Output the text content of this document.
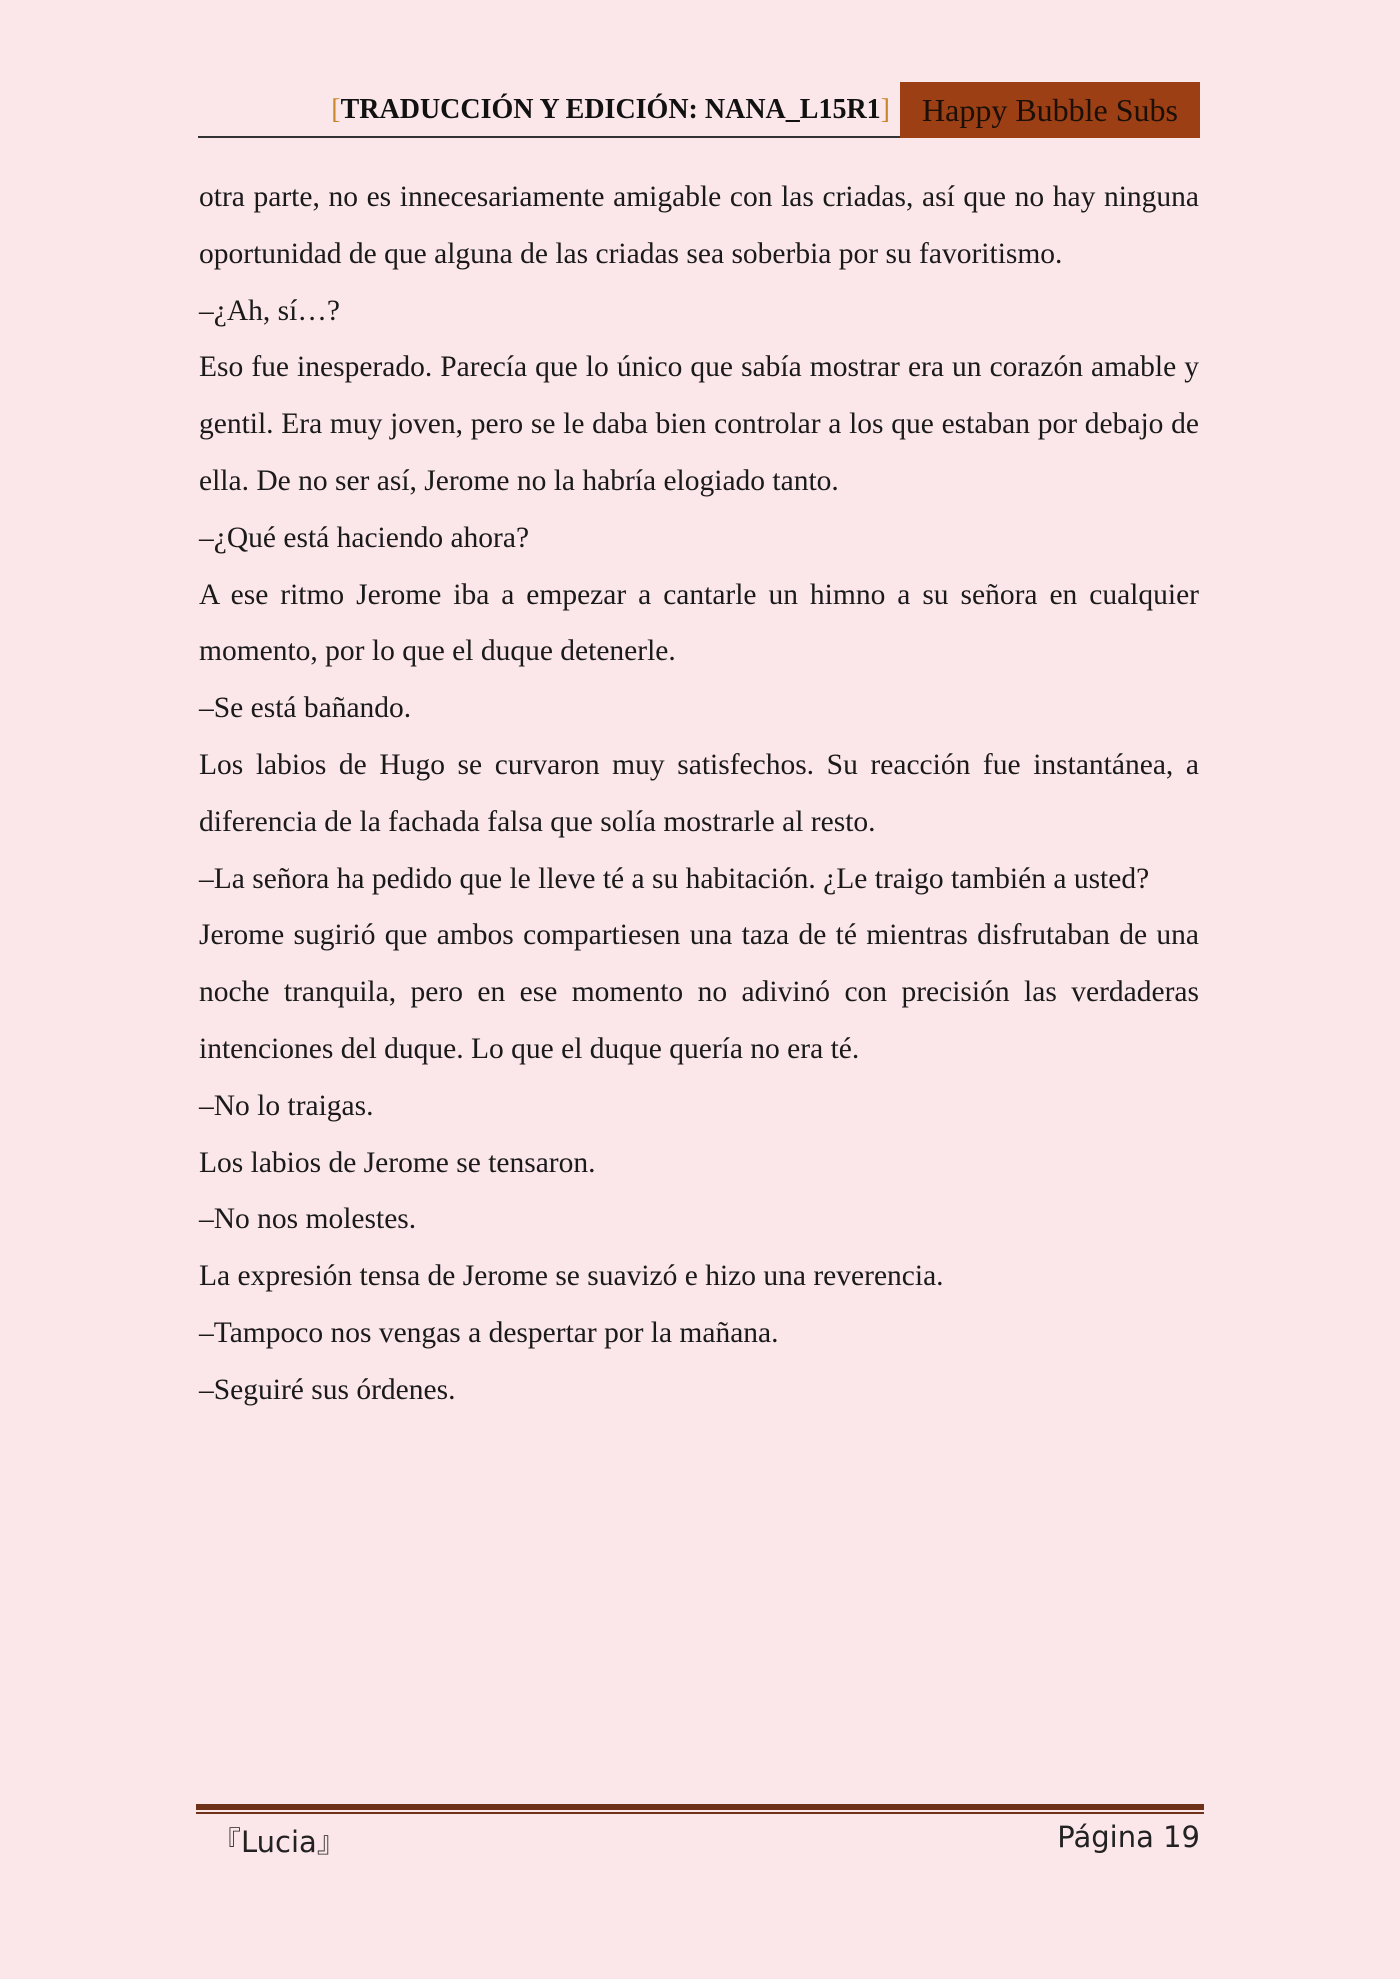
[TRADUCCIÓN Y EDICIÓN: NANA_L15R1]	Happy Bubble Subs

otra parte, no es innecesariamente amigable con las criadas, así que no hay ninguna oportunidad de que alguna de las criadas sea soberbia por su favoritismo.

–¿Ah, sí…?

Eso fue inesperado. Parecía que lo único que sabía mostrar era un corazón amable y gentil. Era muy joven, pero se le daba bien controlar a los que estaban por debajo de ella. De no ser así, Jerome no la habría elogiado tanto.

–¿Qué está haciendo ahora?

A ese ritmo Jerome iba a empezar a cantarle un himno a su señora en cualquier momento, por lo que el duque detenerle.

–Se está bañando.

Los labios de Hugo se curvaron muy satisfechos. Su reacción fue instantánea, a diferencia de la fachada falsa que solía mostrarle al resto.

–La señora ha pedido que le lleve té a su habitación. ¿Le traigo también a usted?

Jerome sugirió que ambos compartiesen una taza de té mientras disfrutaban de una noche tranquila, pero en ese momento no adivinó con precisión las verdaderas intenciones del duque. Lo que el duque quería no era té.

–No lo traigas.

Los labios de Jerome se tensaron.

–No nos molestes.

La expresión tensa de Jerome se suavizó e hizo una reverencia.

–Tampoco nos vengas a despertar por la mañana.

–Seguiré sus órdenes.

『Lucia』	Página 19
